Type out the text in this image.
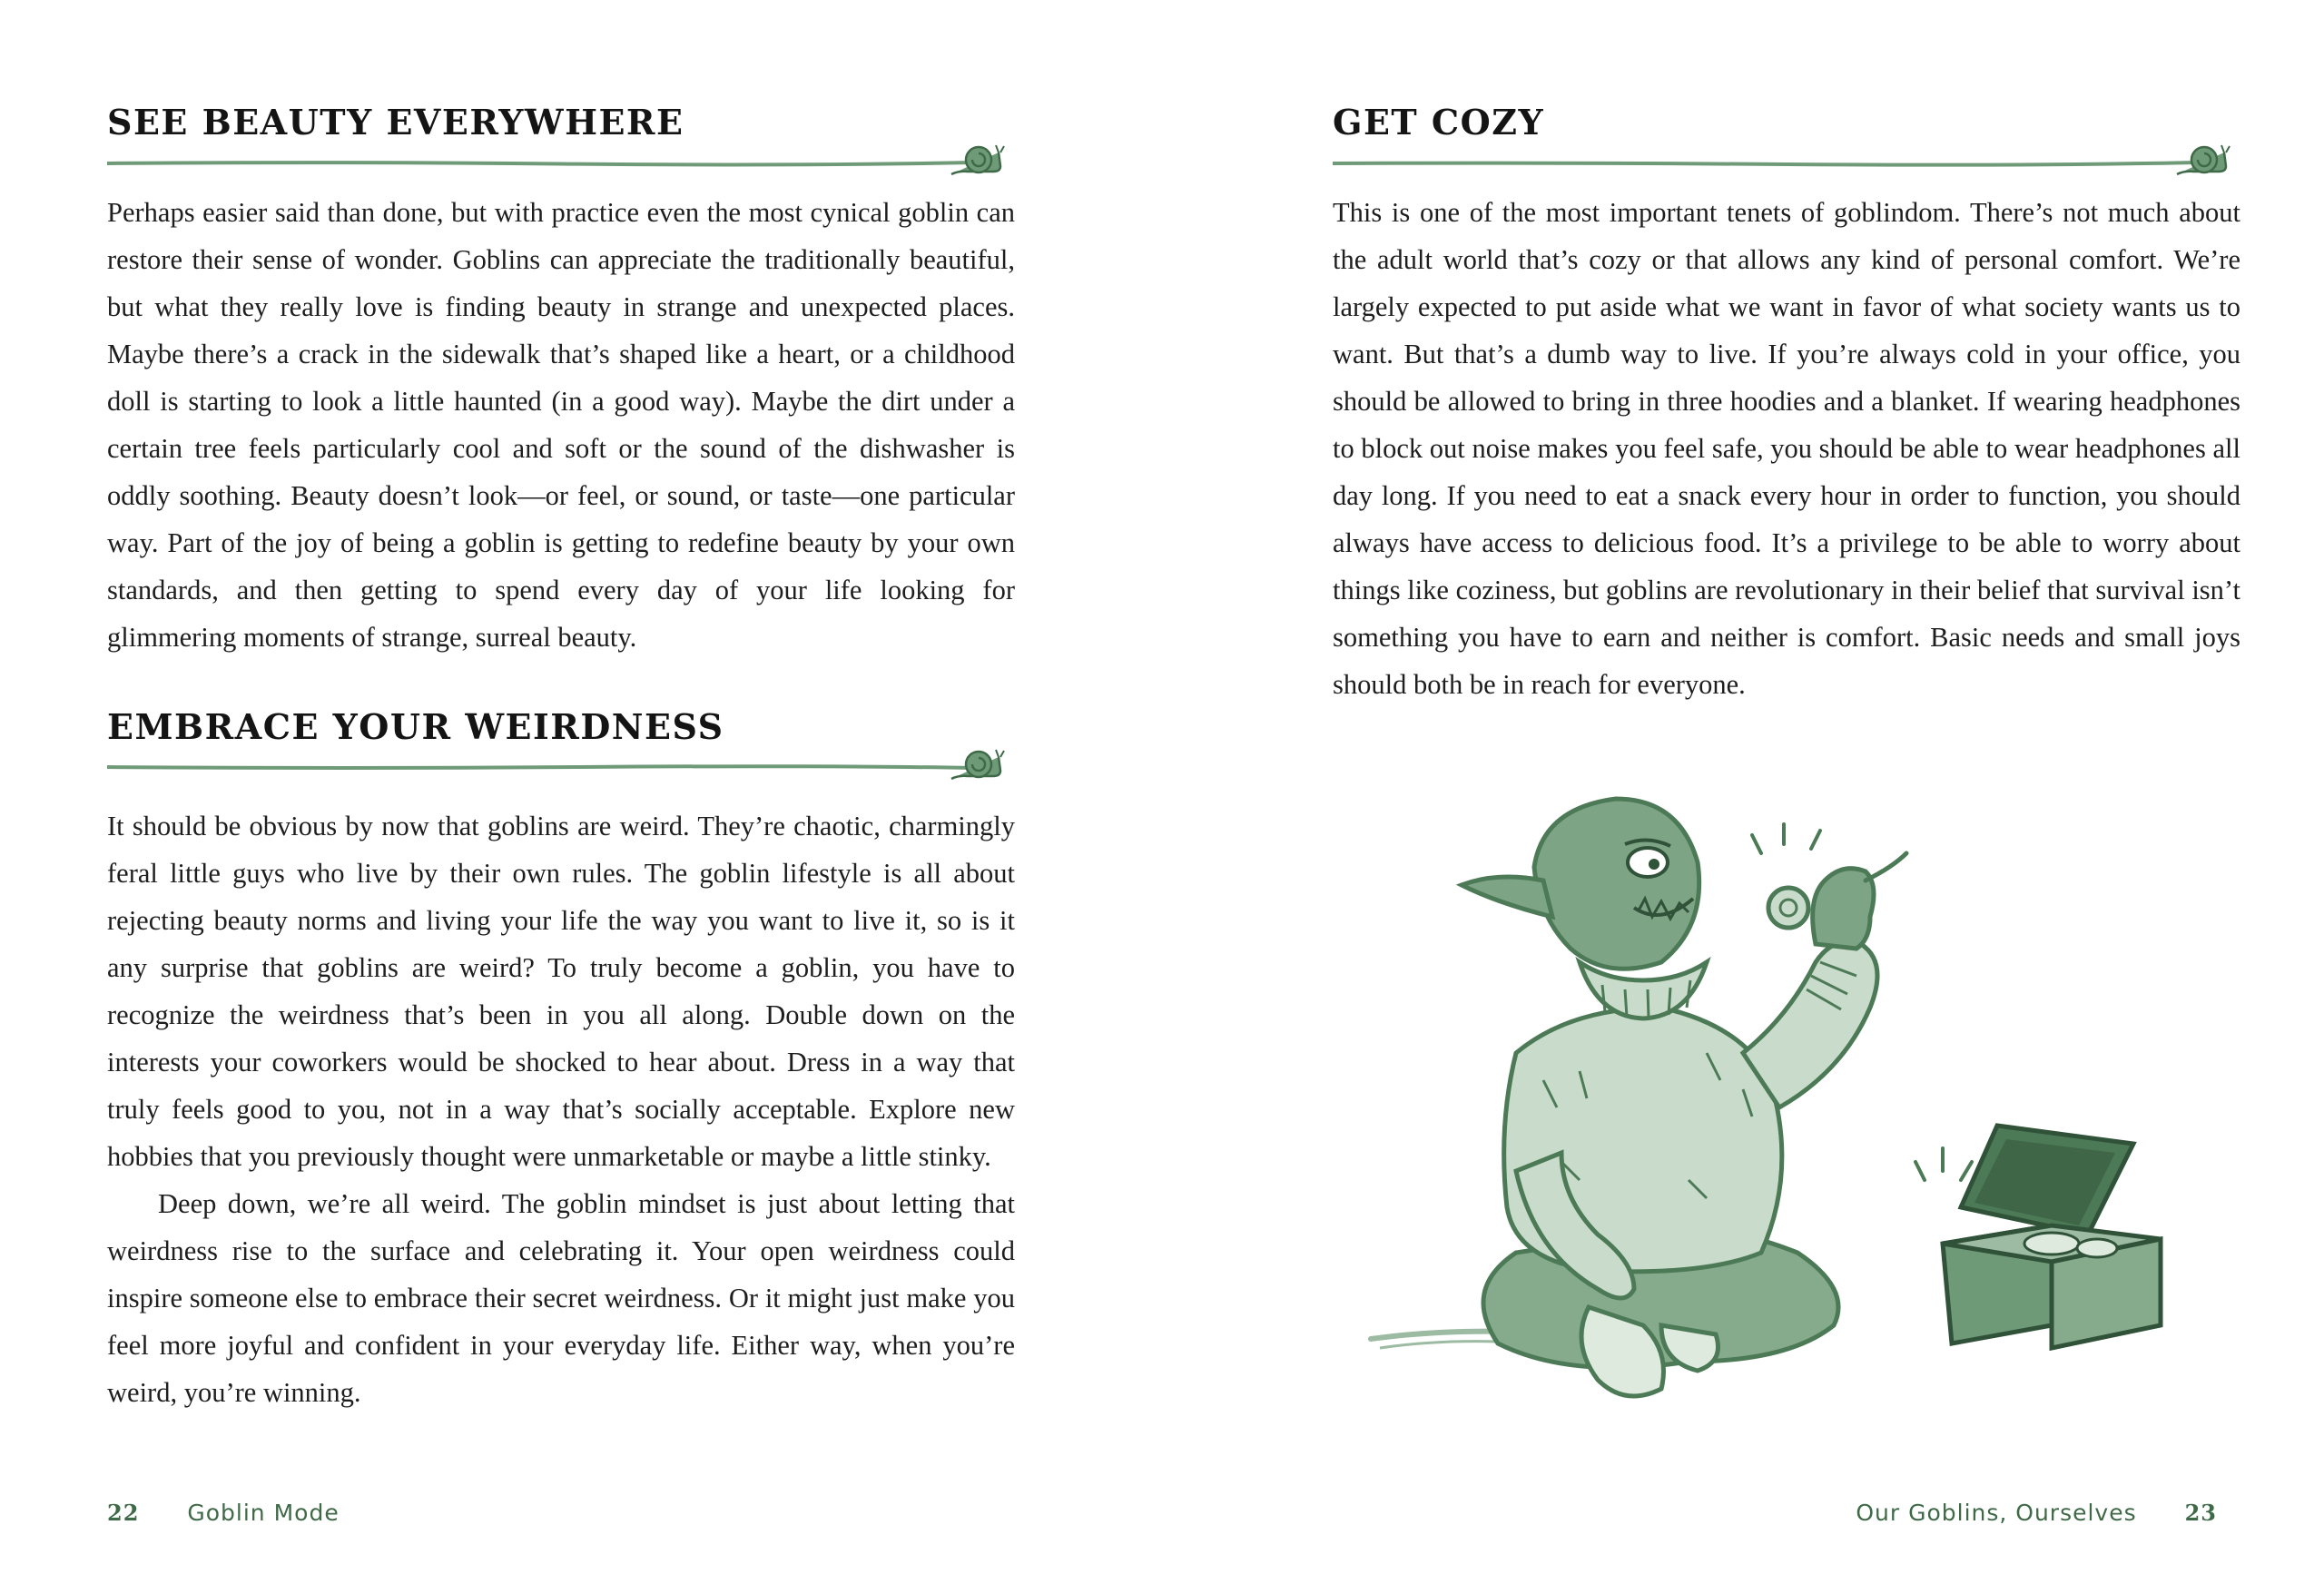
SEE BEAUTY EVERYWHERE

Perhaps easier said than done, but with practice even the most cynical goblin can restore their sense of wonder. Goblins can appreciate the traditionally beautiful, but what they really love is finding beauty in strange and unexpected places. Maybe there’s a crack in the sidewalk that’s shaped like a heart, or a childhood doll is starting to look a little haunted (in a good way). Maybe the dirt under a certain tree feels particularly cool and soft or the sound of the dishwasher is oddly soothing. Beauty doesn’t look—or feel, or sound, or taste—one particular way. Part of the joy of being a goblin is getting to redefine beauty by your own standards, and then getting to spend every day of your life looking for glimmering moments of strange, surreal beauty.

EMBRACE YOUR WEIRDNESS

It should be obvious by now that goblins are weird. They’re chaotic, charmingly feral little guys who live by their own rules. The goblin lifestyle is all about rejecting beauty norms and living your life the way you want to live it, so is it any surprise that goblins are weird? To truly become a goblin, you have to recognize the weirdness that’s been in you all along. Double down on the interests your coworkers would be shocked to hear about. Dress in a way that truly feels good to you, not in a way that’s socially acceptable. Explore new hobbies that you previously thought were unmarketable or maybe a little stinky.

Deep down, we’re all weird. The goblin mindset is just about letting that weirdness rise to the surface and celebrating it. Your open weirdness could inspire someone else to embrace their secret weirdness. Or it might just make you feel more joyful and confident in your everyday life. Either way, when you’re weird, you’re winning.

22 Goblin Mode
GET COZY

This is one of the most important tenets of goblindom. There’s not much about the adult world that’s cozy or that allows any kind of personal comfort. We’re largely expected to put aside what we want in favor of what society wants us to want. But that’s a dumb way to live. If you’re always cold in your office, you should be allowed to bring in three hoodies and a blanket. If wearing headphones to block out noise makes you feel safe, you should be able to wear headphones all day long. If you need to eat a snack every hour in order to function, you should always have access to delicious food. It’s a privilege to be able to worry about things like coziness, but goblins are revolutionary in their belief that survival isn’t something you have to earn and neither is comfort. Basic needs and small joys should both be in reach for everyone.

Our Goblins, Ourselves 23
